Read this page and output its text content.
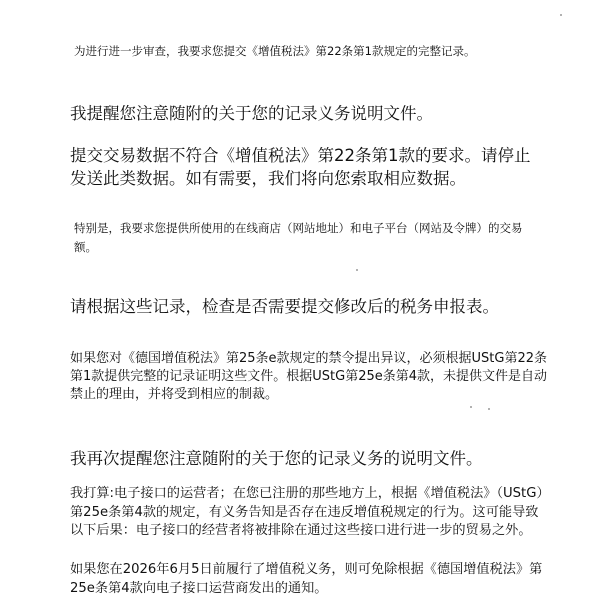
为进行进一步审查，我要求您提交《增值税法》第22条第1款规定的完整记录。

我提醒您注意随附的关于您的记录义务说明文件。

提交交易数据不符合《增值税法》第22条第1款的要求。请停止发送此类数据。如有需要，我们将向您索取相应数据。

特别是，我要求您提供所使用的在线商店（网站地址）和电子平台（网站及令牌）的交易额。

请根据这些记录，检查是否需要提交修改后的税务申报表。

如果您对《德国增值税法》第25条e款规定的禁令提出异议，必须根据UStG第22条第1款提供完整的记录证明这些文件。根据UStG第25e条第4款，未提供文件是自动禁止的理由，并将受到相应的制裁。

我再次提醒您注意随附的关于您的记录义务的说明文件。

我打算:电子接口的运营者；在您已注册的那些地方上，根据《增值税法》（UStG）第25e条第4款的规定，有义务告知是否存在违反增值税规定的行为。这可能导致以下后果：电子接口的经营者将被排除在通过这些接口进行进一步的贸易之外。

如果您在2026年6月5日前履行了增值税义务，则可免除根据《德国增值税法》第25e条第4款向电子接口运营商发出的通知。
